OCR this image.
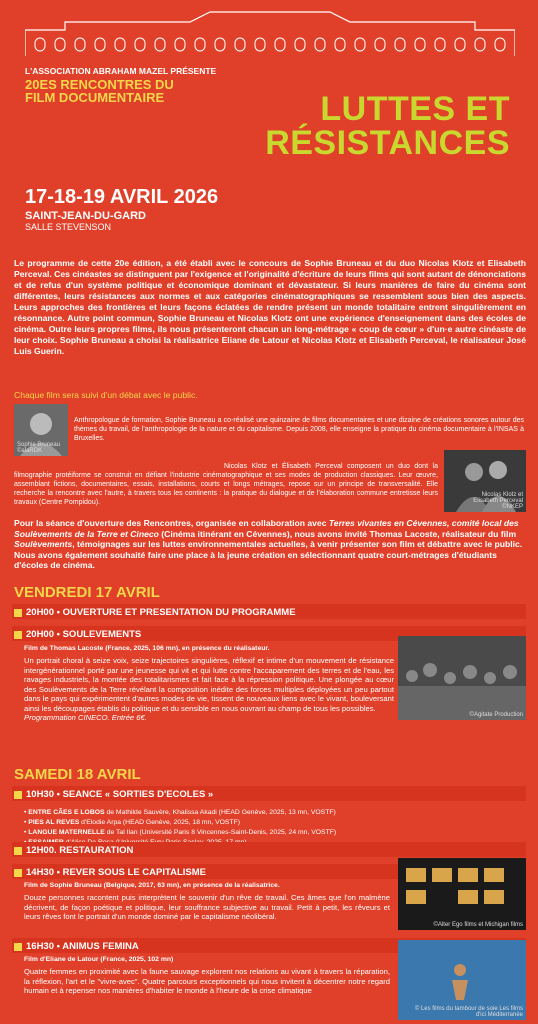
L'ASSOCIATION ABRAHAM MAZEL PRÉSENTE
20ES RENCONTRES DU
FILM DOCUMENTAIRE	LUTTES ET
RÉSISTANCES
17-18-19 AVRIL 2026
SAINT-JEAN-DU-GARD
SALLE STEVENSON

Le programme de cette 20e édition, a été établi avec le concours de Sophie Bruneau et du duo Nicolas Klotz et Elisabeth Perceval. Ces cinéastes se distinguent par l'exigence et l'originalité d'écriture de leurs films qui sont autant de dénonciations et de refus d'un système politique et économique dominant et dévastateur. Si leurs manières de faire du cinéma sont différentes, leurs résistances aux normes et aux catégories cinématographiques se ressemblent sous bien des aspects. Leurs approches des frontières et leurs façons éclatées de rendre présent un monde totalitaire entrent singulièrement en résonnance. Autre point commun, Sophie Bruneau et Nicolas Klotz ont une expérience d'enseignement dans des écoles de cinéma. Outre leurs propres films, ils nous présenteront chacun un long-métrage « coup de cœur » d'un·e autre cinéaste de leur choix. Sophie Bruneau a choisi la réalisatrice Eliane de Latour et Nicolas Klotz et Elisabeth Perceval, le réalisateur José Luis Guerin.

Chaque film sera suivi d'un débat avec le public.
Sophie Bruneau ©alaRDK

Anthropologue de formation, Sophie Bruneau a co-réalisé une quinzaine de films documentaires et une dizaine de créations sonores autour des thèmes du travail, de l'anthropologie de la nature et du capitalisme. Depuis 2008, elle enseigne la pratique du cinéma documentaire à l'INSAS à Bruxelles.

Nicolas Klotz et Élisabeth Perceval composent un duo dont la filmographie protéiforme se construit en défiant l'industrie cinématographique et ses modes de production classiques. Leur œuvre, assemblant fictions, documentaires, essais, installations, courts et longs métrages, repose sur un principe de transversalité. Elle recherche la rencontre avec l'autre, à travers tous les continents : la pratique du dialogue et de l'élaboration commune entretisse leurs travaux (Centre Pompidou).

Nicolas Klotz et Elisabeth Perceval ©NKEP

Pour la séance d'ouverture des Rencontres, organisée en collaboration avec Terres vivantes en Cévennes, comité local des Soulèvements de la Terre et Cineco (Cinéma itinérant en Cévennes), nous avons invité Thomas Lacoste, réalisateur du film Soulèvements, témoignages sur les luttes environnementales actuelles, à venir présenter son film et débattre avec le public.
Nous avons également souhaité faire une place à la jeune création en sélectionnant quatre court-métrages d'étudiants d'écoles de cinéma.

VENDREDI 17 AVRIL
20H00 • OUVERTURE ET PRESENTATION DU PROGRAMME
20H00 • SOULEVEMENTS
Film de Thomas Lacoste (France, 2025, 106 mn), en présence du réalisateur.

Un portrait choral à seize voix, seize trajectoires singulières, réflexif et intime d'un mouvement de résistance intergénérationnel porté par une jeunesse qui vit et qui lutte contre l'accaparement des terres et de l'eau, les ravages industriels, la montée des totalitarismes et fait face à la répression politique. Une plongée au cœur des Soulèvements de la Terre révélant la composition inédite des forces multiples déployées un peu partout dans le pays qui expérimentent d'autres modes de vie, tissent de nouveaux liens avec le vivant, bouleversant ainsi les découpages établis du politique et du sensible en nous ouvrant au champ de tous les possibles.
Programmation CINECO. Entrée 6€.	©Agitate Production
SAMEDI 18 AVRIL
10H30 • SEANCE « SORTIES D'ECOLES »
• ENTRE CÃES E LOBOS de Mathilde Sauvère, Khalissa Akadi (HEAD Genève, 2025, 13 mn, VOSTF)
• PIES AL REVES d'Elodie Arpa (HEAD Genève, 2025, 18 mn, VOSTF)
• LANGUE MATERNELLE de Tal Ilan (Université Paris 8 Vincennes-Saint-Denis, 2025, 24 mn, VOSTF)
•
12H00. RESTAURATION
14H30 • REVER SOUS LE CAPITALISME
Film de Sophie Bruneau (Belgique, 2017, 63 mn), en présence de la réalisatrice.

Douze personnes racontent puis interprètent le souvenir d'un rêve de travail. Ces âmes que l'on malmène décrivent, de façon poétique et politique, leur souffrance subjective au travail. Petit à petit, les rêveurs et leurs rêves font le portrait d'un monde dominé par le capitalisme néolibéral.

©Alter Ego films et Michigan films
16H30 • ANIMUS FEMINA
Film d'Eliane de Latour (France, 2025, 102 mn)

Quatre femmes en proximité avec la faune sauvage explorent nos relations au vivant à travers la réparation, la réflexion, l'art et le "vivre-avec". Quatre parcours exceptionnels qui nous invitent à décentrer notre regard humain et à repenser nos manières d'habiter le monde à l'heure de la crise climatique

© Les films du tambour de soie Les films d'ici Méditerranée
